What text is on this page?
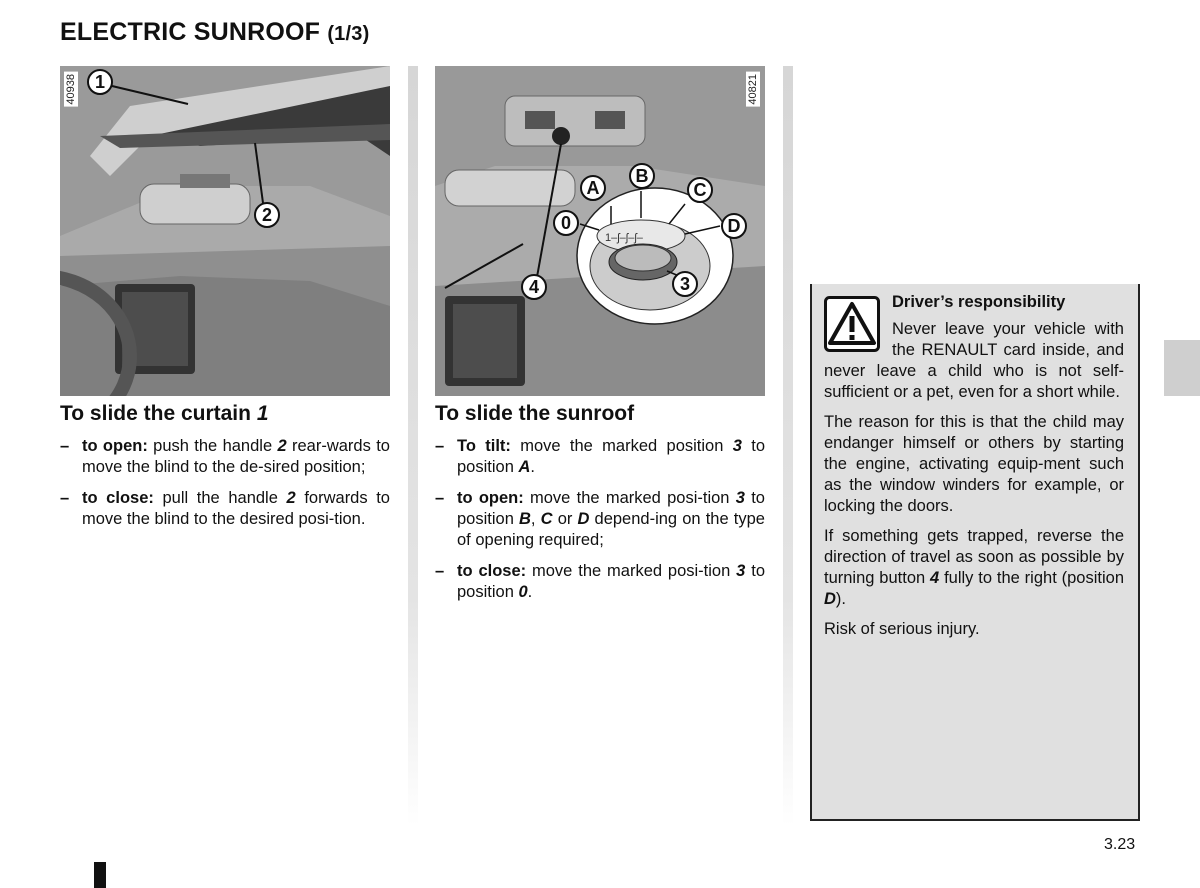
ELECTRIC SUNROOF (1/3)
1
2
40938
1‒ʃ‒ʃ‒ʃ‒
A
B
C
0	D
4	3
40821
To slide the curtain 1
– to open: push the handle 2 rear-wards to move the blind to the de-sired position;
– to close: pull the handle 2 forwards to move the blind to the desired posi-tion.
To slide the sunroof
– To tilt: move the marked position 3 to position A.
– to open: move the marked posi-tion 3 to position B, C or D depend-ing on the type of opening required;
– to close: move the marked posi-tion 3 to position 0.
Driver’s responsibility

Never leave your vehicle with the RENAULT card inside, and never leave a child who is not self-sufficient or a pet, even for a short while.

The reason for this is that the child may endanger himself or others by starting the engine, activating equip-ment such as the window winders for example, or locking the doors.

If something gets trapped, reverse the direction of travel as soon as possible by turning button 4 fully to the right (position D).

Risk of serious injury.

3.23
